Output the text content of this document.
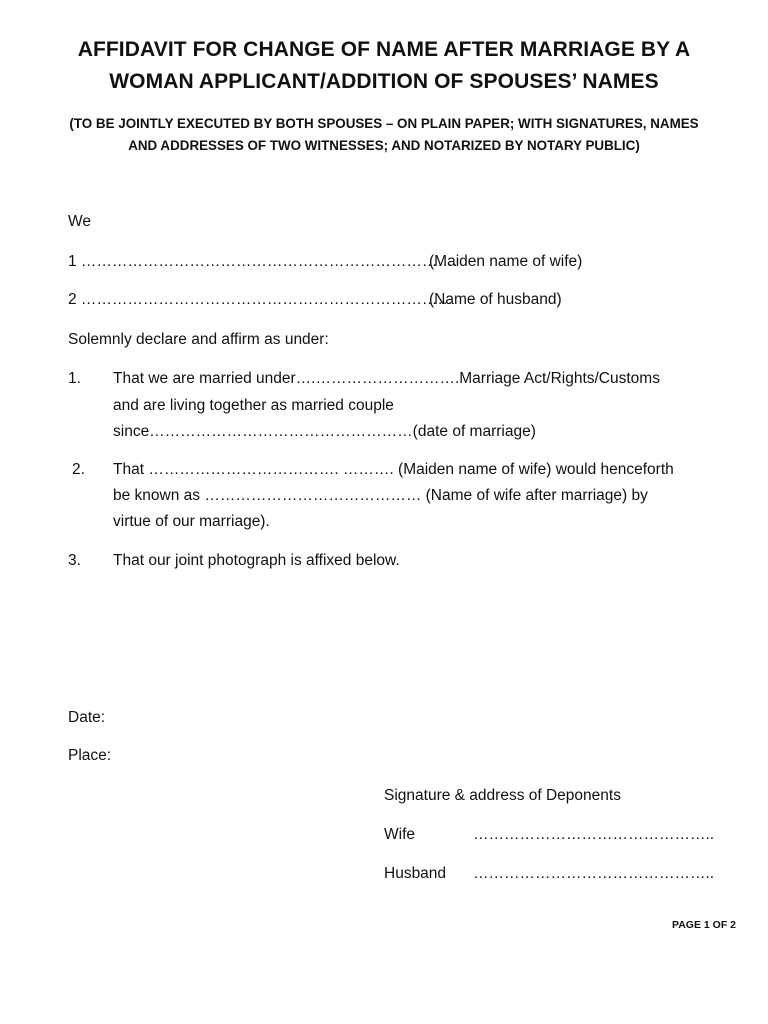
AFFIDAVIT FOR CHANGE OF NAME AFTER MARRIAGE BY A
WOMAN APPLICANT/ADDITION OF SPOUSES’ NAMES
(TO BE JOINTLY EXECUTED BY BOTH SPOUSES – ON PLAIN PAPER; WITH SIGNATURES, NAMES
AND ADDRESSES OF TWO WITNESSES; AND NOTARIZED BY NOTARY PUBLIC)
We
1 ……………………………………………………………….
(Maiden name of wife)
2 ………………………………………………………………
(Name of husband)
Solemnly declare and affirm as under:
1. That we are married under….……………………….Marriage Act/Rights/Customs
and are living together as married couple
since……………………………………………(date of marriage)
2. That ………………………………. ………. (Maiden name of wife) would henceforth
be known as …………………………………… (Name of wife after marriage) by
virtue of our marriage).
3. That our joint photograph is affixed below.
Date:
Place:
Signature & address of Deponents
Wife	………………………………………..
Husband ………………………………………..
PAGE 1 OF 2
